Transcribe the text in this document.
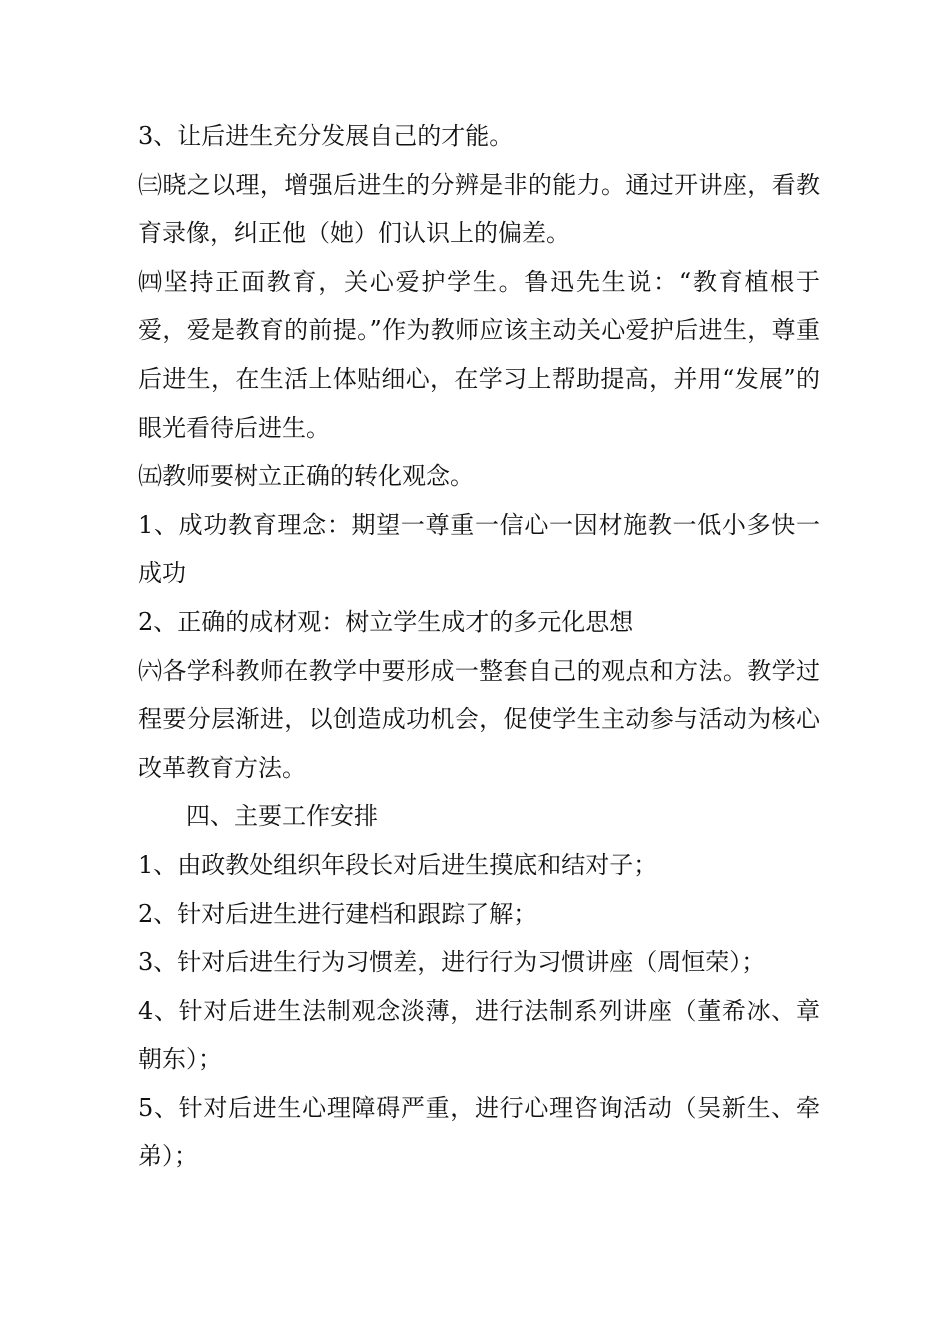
3、让后进生充分发展自己的才能。

㈢晓之以理，增强后进生的分辨是非的能力。通过开讲座，看教育录像，纠正他（她）们认识上的偏差。

㈣坚持正面教育，关心爱护学生。鲁迅先生说：“教育植根于爱，爱是教育的前提。”作为教师应该主动关心爱护后进生，尊重后进生，在生活上体贴细心，在学习上帮助提高，并用“发展”的眼光看待后进生。

㈤教师要树立正确的转化观念。

1、成功教育理念：期望一尊重一信心一因材施教一低小多快一成功

2、正确的成材观：树立学生成才的多元化思想

㈥各学科教师在教学中要形成一整套自己的观点和方法。教学过程要分层渐进，以创造成功机会，促使学生主动参与活动为核心改革教育方法。

四、主要工作安排

1、由政教处组织年段长对后进生摸底和结对子；

2、针对后进生进行建档和跟踪了解；

3、针对后进生行为习惯差，进行行为习惯讲座（周恒荣）；

4、针对后进生法制观念淡薄，进行法制系列讲座（董希冰、章朝东）；

5、针对后进生心理障碍严重，进行心理咨询活动（吴新生、牵弟）；
